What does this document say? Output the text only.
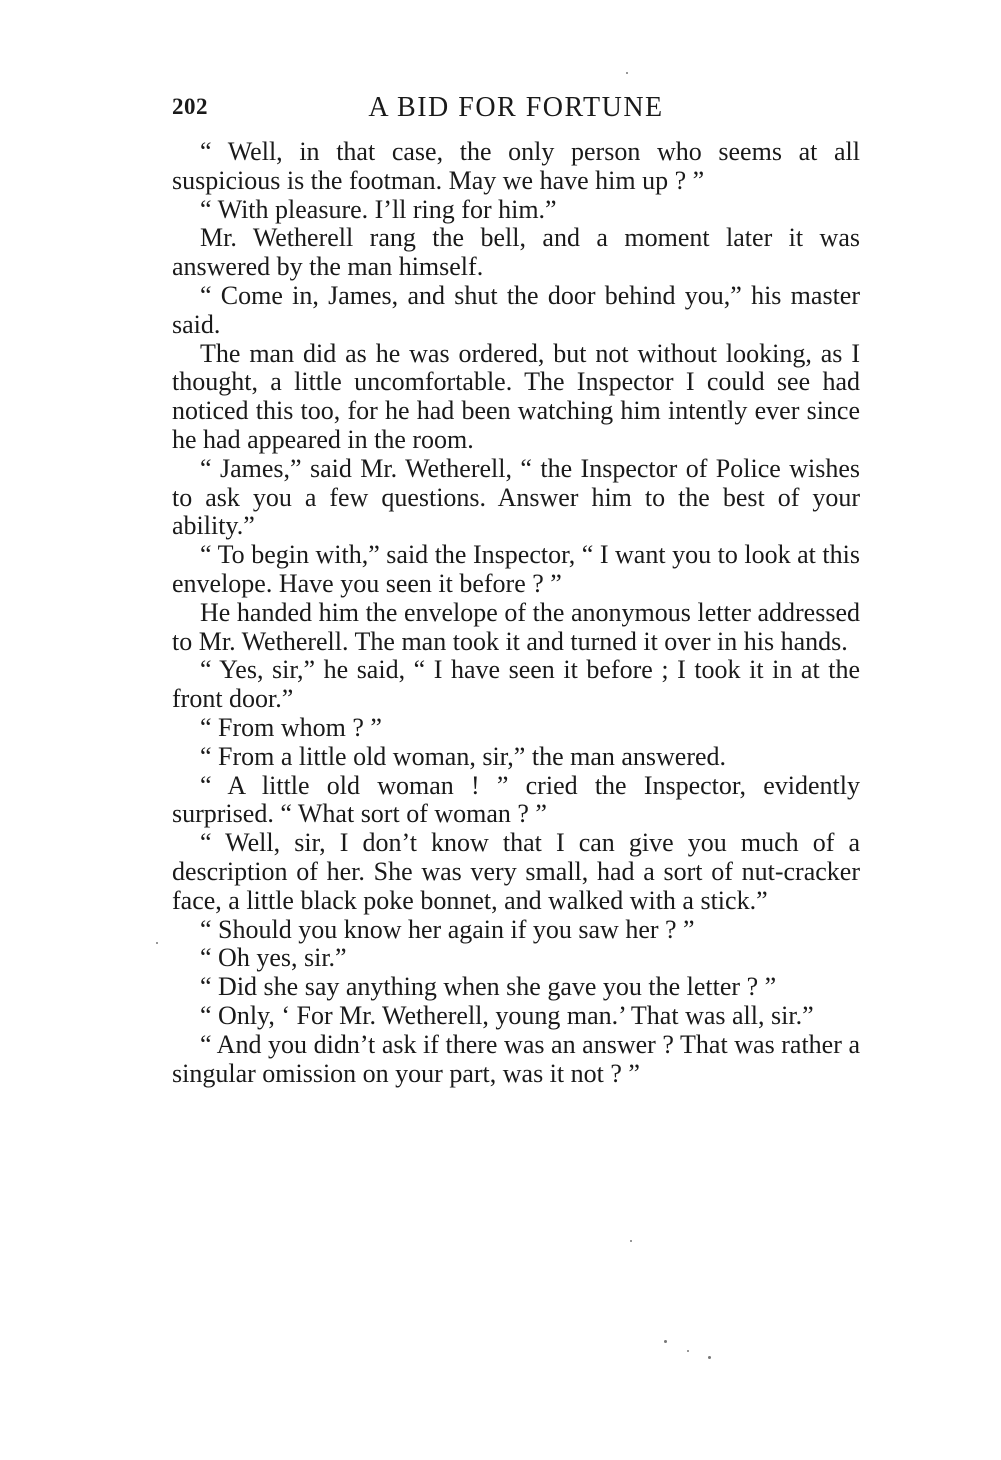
202	A BID FOR FORTUNE

“ Well, in that case, the only person who seems at all suspicious is the footman. May we have him up ? ”

“ With pleasure. I’ll ring for him.”

Mr. Wetherell rang the bell, and a moment later it was answered by the man himself.

“ Come in, James, and shut the door behind you,” his master said.

The man did as he was ordered, but not without looking, as I thought, a little uncomfortable. The Inspector I could see had noticed this too, for he had been watching him intently ever since he had appeared in the room.

“ James,” said Mr. Wetherell, “ the Inspector of Police wishes to ask you a few questions. Answer him to the best of your ability.”

“ To begin with,” said the Inspector, “ I want you to look at this envelope. Have you seen it before ? ”

He handed him the envelope of the anonymous letter addressed to Mr. Wetherell. The man took it and turned it over in his hands.

“ Yes, sir,” he said, “ I have seen it before ; I took it in at the front door.”

“ From whom ? ”

“ From a little old woman, sir,” the man answered.

“ A little old woman ! ” cried the Inspector, evidently surprised. “ What sort of woman ? ”

“ Well, sir, I don’t know that I can give you much of a description of her. She was very small, had a sort of nut-cracker face, a little black poke bonnet, and walked with a stick.”

“ Should you know her again if you saw her ? ”

“ Oh yes, sir.”

“ Did she say anything when she gave you the letter ? ”

“ Only, ‘ For Mr. Wetherell, young man.’ That was all, sir.”

“ And you didn’t ask if there was an answer ? That was rather a singular omission on your part, was it not ? ”
